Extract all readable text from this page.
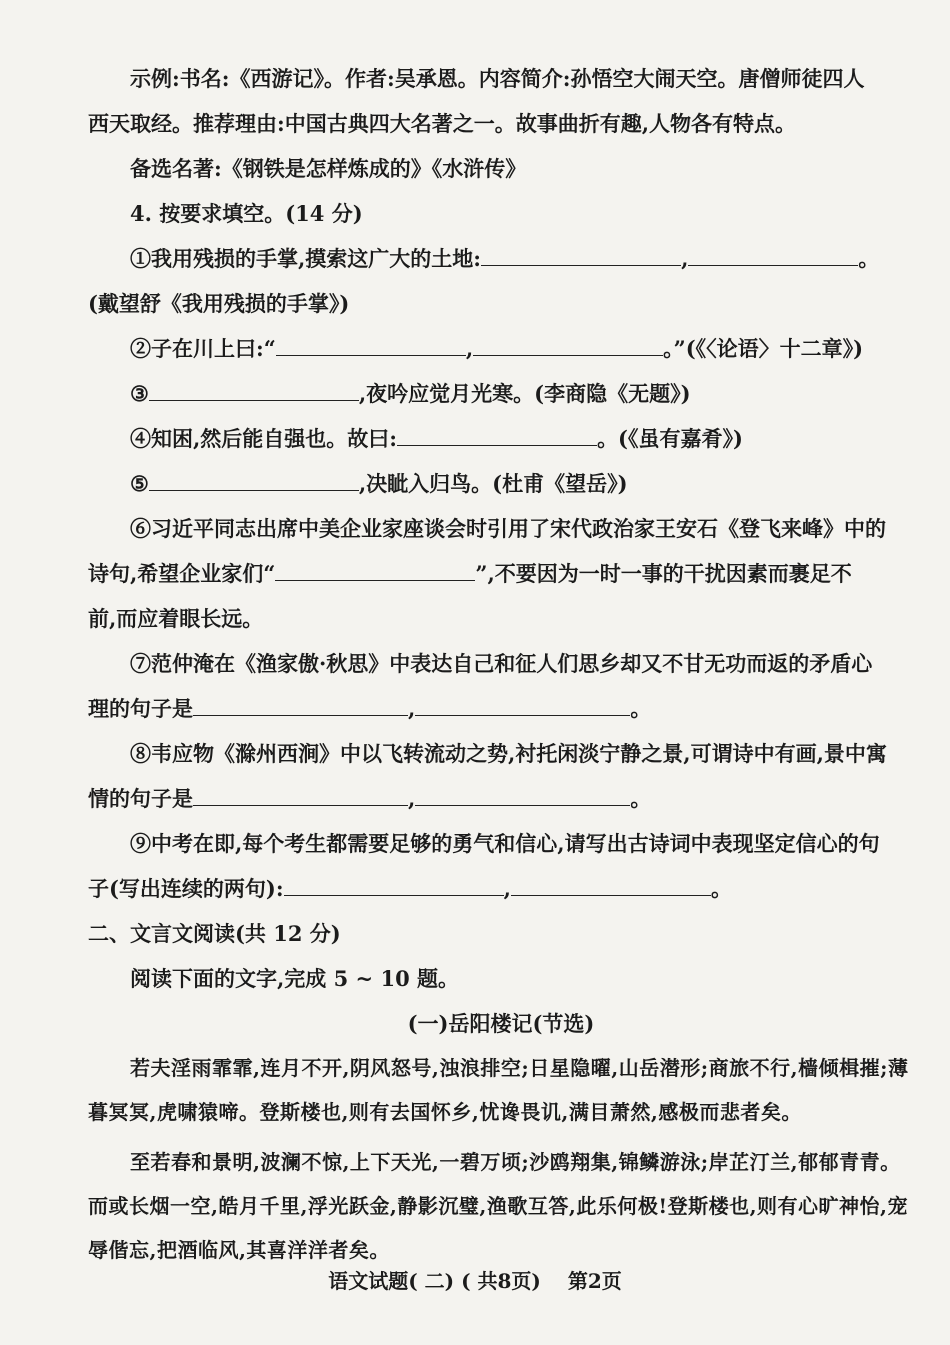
示例:书名:《西游记》。作者:吴承恩。内容简介:孙悟空大闹天空。唐僧师徒四人
西天取经。推荐理由:中国古典四大名著之一。故事曲折有趣,人物各有特点。
备选名著:《钢铁是怎样炼成的》《水浒传》
4. 按要求填空。(14 分)
①我用残损的手掌,摸索这广大的土地:	,	。
(戴望舒《我用残损的手掌》)
②子在川上曰:“	,	。”(《〈论语〉十二章》)
③	,夜吟应觉月光寒。(李商隐《无题》)
④知困,然后能自强也。故曰:	。(《虽有嘉肴》)
⑤	,决眦入归鸟。(杜甫《望岳》)
⑥习近平同志出席中美企业家座谈会时引用了宋代政治家王安石《登飞来峰》中的
诗句,希望企业家们“	”,不要因为一时一事的干扰因素而裹足不
前,而应着眼长远。
⑦范仲淹在《渔家傲·秋思》中表达自己和征人们思乡却又不甘无功而返的矛盾心
理的句子是	,	。
⑧韦应物《滁州西涧》中以飞转流动之势,衬托闲淡宁静之景,可谓诗中有画,景中寓
情的句子是	,	。
⑨中考在即,每个考生都需要足够的勇气和信心,请写出古诗词中表现坚定信心的句
子(写出连续的两句):	,	。
二、文言文阅读(共 12 分)
阅读下面的文字,完成 5 ~ 10 题。
(一)岳阳楼记(节选)
若夫淫雨霏霏,连月不开,阴风怒号,浊浪排空;日星隐曜,山岳潜形;商旅不行,樯倾楫摧;薄暮冥冥,虎啸猿啼。登斯楼也,则有去国怀乡,忧谗畏讥,满目萧然,感极而悲者矣。
至若春和景明,波澜不惊,上下天光,一碧万顷;沙鸥翔集,锦鳞游泳;岸芷汀兰,郁郁青青。而或长烟一空,皓月千里,浮光跃金,静影沉璧,渔歌互答,此乐何极!登斯楼也,则有心旷神怡,宠辱偕忘,把酒临风,其喜洋洋者矣。
语文试题( 二) ( 共8页) 第2页
